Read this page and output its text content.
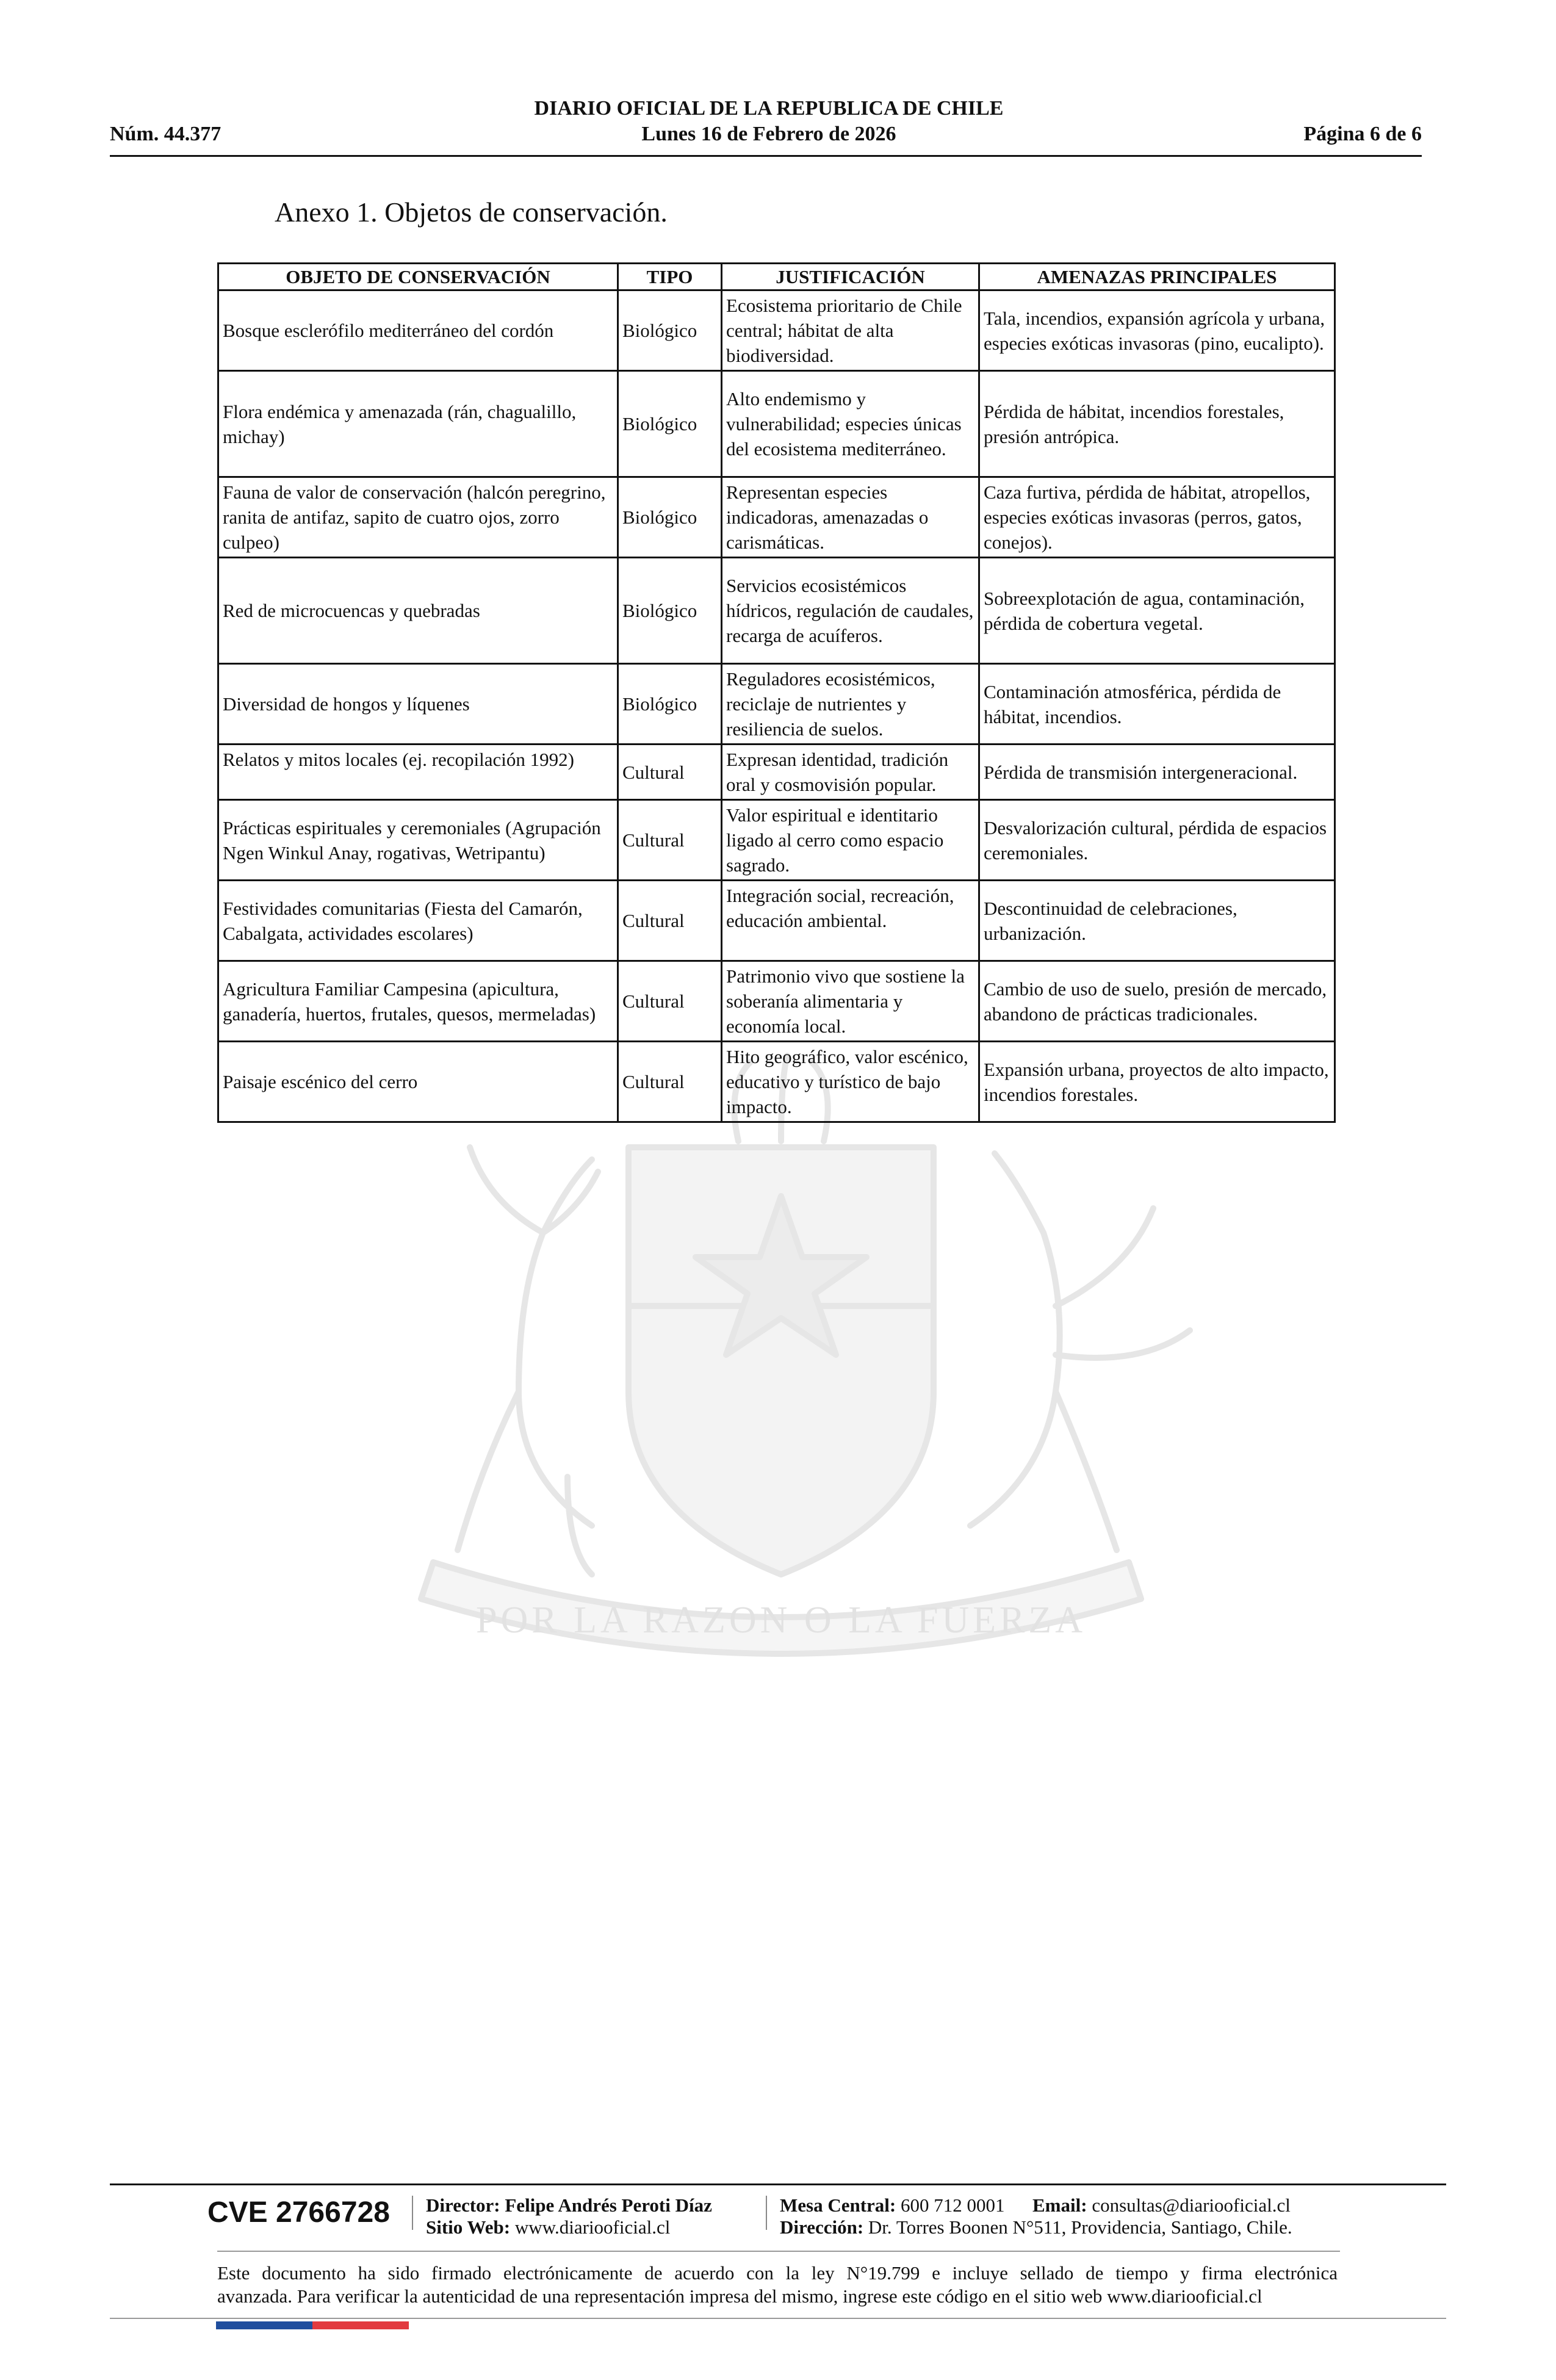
DIARIO OFICIAL DE LA REPUBLICA DE CHILE
Núm. 44.377	Lunes 16 de Febrero de 2026	Página 6 de 6
POR LA RAZON O LA FUERZA
Anexo 1. Objetos de conservación.
OBJETO DE CONSERVACIÓN	TIPO	JUSTIFICACIÓN	AMENAZAS PRINCIPALES
Bosque esclerófilo mediterráneo del cordón	Biológico	Ecosistema prioritario de Chile central; hábitat de alta biodiversidad.	Tala, incendios, expansión agrícola y urbana, especies exóticas invasoras (pino, eucalipto).
Flora endémica y amenazada (rán, chagualillo, michay)	Biológico	Alto endemismo y vulnerabilidad; especies únicas del ecosistema mediterráneo.	Pérdida de hábitat, incendios forestales, presión antrópica.
Fauna de valor de conservación (halcón peregrino, ranita de antifaz, sapito de cuatro ojos, zorro culpeo)	Biológico	Representan especies indicadoras, amenazadas o carismáticas.	Caza furtiva, pérdida de hábitat, atropellos, especies exóticas invasoras (perros, gatos, conejos).
Red de microcuencas y quebradas	Biológico	Servicios ecosistémicos hídricos, regulación de caudales, recarga de acuíferos.	Sobreexplotación de agua, contaminación, pérdida de cobertura vegetal.
Diversidad de hongos y líquenes	Biológico	Reguladores ecosistémicos, reciclaje de nutrientes y resiliencia de suelos.	Contaminación atmosférica, pérdida de hábitat, incendios.
Relatos y mitos locales (ej. recopilación 1992)	Cultural	Expresan identidad, tradición oral y cosmovisión popular.	Pérdida de transmisión intergeneracional.
Prácticas espirituales y ceremoniales (Agrupación Ngen Winkul Anay, rogativas, Wetripantu)	Cultural	Valor espiritual e identitario ligado al cerro como espacio sagrado.	Desvalorización cultural, pérdida de espacios ceremoniales.
Festividades comunitarias (Fiesta del Camarón, Cabalgata, actividades escolares)	Cultural	Integración social, recreación, educación ambiental.	Descontinuidad de celebraciones, urbanización.
Agricultura Familiar Campesina (apicultura, ganadería, huertos, frutales, quesos, mermeladas)	Cultural	Patrimonio vivo que sostiene la soberanía alimentaria y economía local.	Cambio de uso de suelo, presión de mercado, abandono de prácticas tradicionales.
Paisaje escénico del cerro	Cultural	Hito geográfico, valor escénico, educativo y turístico de bajo impacto.	Expansión urbana, proyectos de alto impacto, incendios forestales.
CVE 2766728 Director: Felipe Andrés Peroti Díaz
Sitio Web: www.diariooficial.cl
Mesa Central: 600 712 0001 Email: consultas@diariooficial.cl
Dirección: Dr. Torres Boonen N°511, Providencia, Santiago, Chile.
Este documento ha sido firmado electrónicamente de acuerdo con la ley N°19.799 e incluye sellado de tiempo y firma electrónica
avanzada. Para verificar la autenticidad de una representación impresa del mismo, ingrese este código en el sitio web www.diariooficial.cl
